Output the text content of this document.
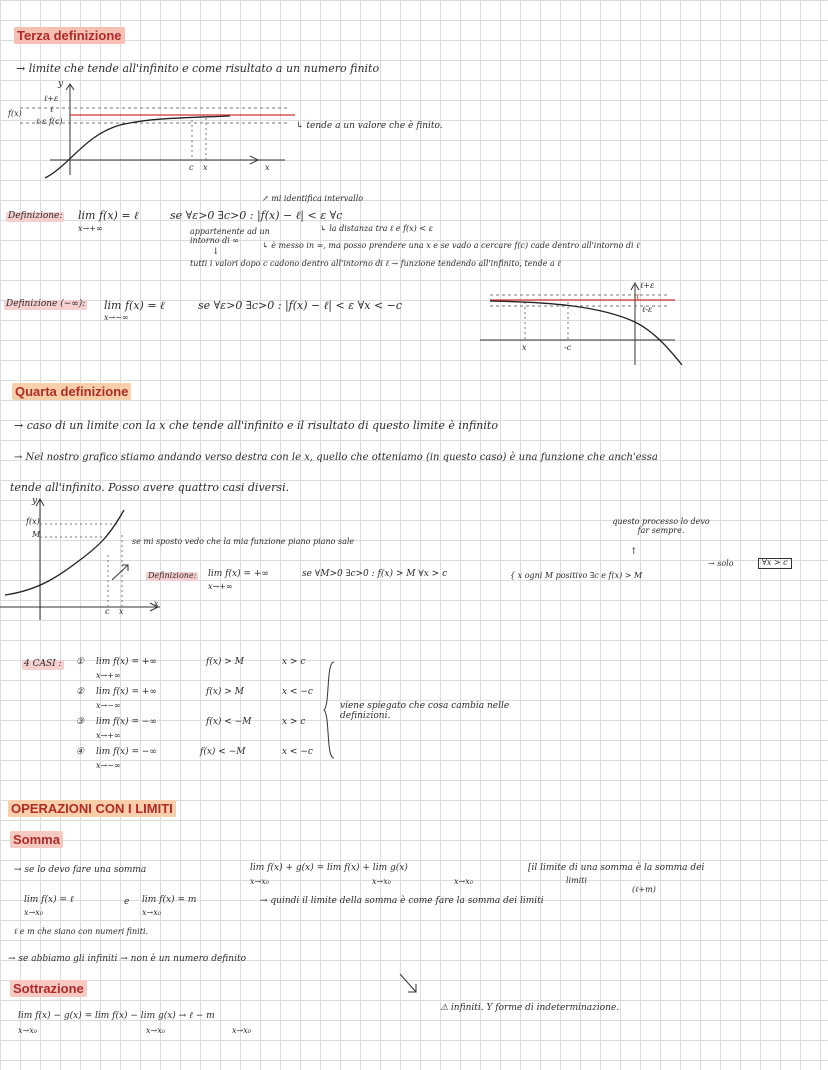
Terza definizione
→ limite che tende all'infinito e come risultato a un numero finito
y
ℓ+ε
ℓ
ℓ-ε f(c)
f(x)
c x	x
↳ tende a un valore che è finito.
↗ mi identifica intervallo
Definizione: lim f(x) = ℓ
x→+∞
se ∀ε>0 ∃c>0 : |f(x) − ℓ| < ε ∀c
appartenente ad un intorno di ∞
↳ la distanza tra ℓ e f(x) < ε
↳ è messo in ∞, ma posso prendere una x e se vado a cercare f(c) cade dentro all'intorno di ℓ
↓
tutti i valori dopo c cadono dentro all'intorno di ℓ → funzione tendendo all'infinito, tende a ℓ
Definizione (−∞): lim f(x) = ℓ
x→−∞
se ∀ε>0 ∃c>0 : |f(x) − ℓ| < ε ∀x < −c
ℓ+ε
ℓ
ℓ-ε
x	-c
Quarta definizione
→ caso di un limite con la x che tende all'infinito e il risultato di questo limite è infinito
→ Nel nostro grafico stiamo andando verso destra con le x, quello che otteniamo (in questo caso) è una funzione che anch'essa
tende all'infinito. Posso avere quattro casi diversi.
y
f(x)
M
c x
x
se mi sposto vedo che la mia funzione piano piano sale
questo processo lo devo far sempre.
↑
Definizione: lim f(x) = +∞
x→+∞
se ∀M>0 ∃c>0 : f(x) > M ∀x > c	{ x ogni M positivo ∃c e f(x) > M
→ solo	∀x > c
4 CASI : ① lim f(x) = +∞
x→+∞
f(x) > M	x > c
② lim f(x) = +∞
x→−∞
f(x) > M	x < −c
③ lim f(x) = −∞
x→+∞
f(x) < −M	x > c
④ lim f(x) = −∞
x→−∞
f(x) < −M	x < −c
viene spiegato che cosa cambia nelle definizioni.
OPERAZIONI CON I LIMITI
Somma
→ se lo devo fare una somma	lim f(x) + g(x) = lim f(x) + lim g(x)
x→x₀	x→x₀	x→x₀
[il limite di una somma è la somma dei
limiti
(ℓ+m)
lim f(x) = ℓ
x→x₀
e lim f(x) = m
x→x₀
→ quindi il limite della somma è come fare la somma dei limiti
ℓ e m che siano con numeri finiti.
→ se abbiamo gli infiniti → non è un numero definito
Sottrazione
lim f(x) − g(x) = lim f(x) − lim g(x) → ℓ − m
x→x₀	x→x₀	x→x₀
⚠ infiniti. Y forme di indeterminazione.
